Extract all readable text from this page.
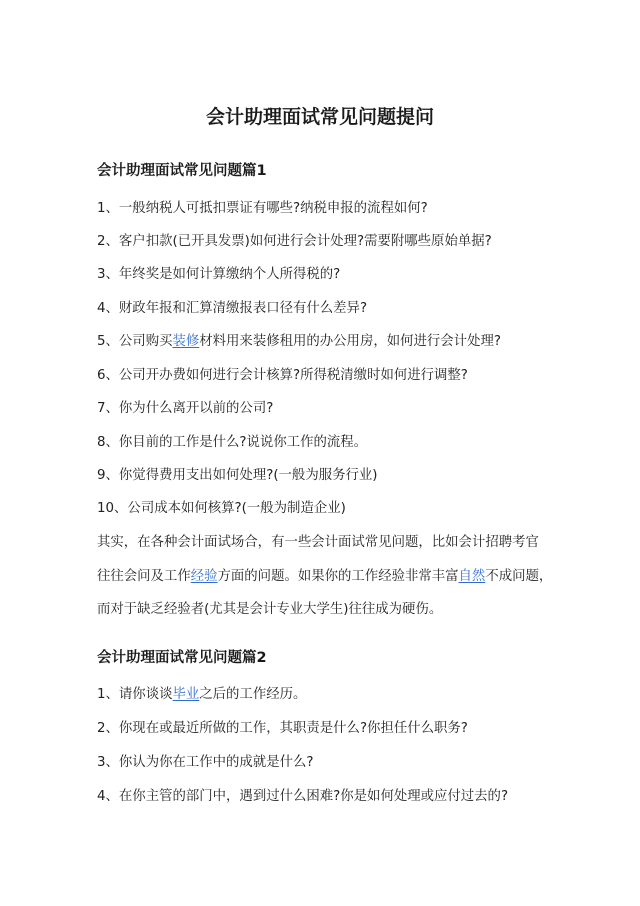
会计助理面试常见问题提问
会计助理面试常见问题篇1

1、一般纳税人可抵扣票证有哪些?纳税申报的流程如何?

2、客户扣款(已开具发票)如何进行会计处理?需要附哪些原始单据?

3、年终奖是如何计算缴纳个人所得税的?

4、财政年报和汇算清缴报表口径有什么差异?

5、公司购买装修材料用来装修租用的办公用房，如何进行会计处理?

6、公司开办费如何进行会计核算?所得税清缴时如何进行调整?

7、你为什么离开以前的公司?

8、你目前的工作是什么?说说你工作的流程。

9、你觉得费用支出如何处理?(一般为服务行业)

10、公司成本如何核算?(一般为制造企业)

其实，在各种会计面试场合，有一些会计面试常见问题，比如会计招聘考官

往往会问及工作经验方面的问题。如果你的工作经验非常丰富自然不成问题，

而对于缺乏经验者(尤其是会计专业大学生)往往成为硬伤。

会计助理面试常见问题篇2

1、请你谈谈毕业之后的工作经历。

2、你现在或最近所做的工作，其职责是什么?你担任什么职务?

3、你认为你在工作中的成就是什么?

4、在你主管的部门中，遇到过什么困难?你是如何处理或应付过去的?
